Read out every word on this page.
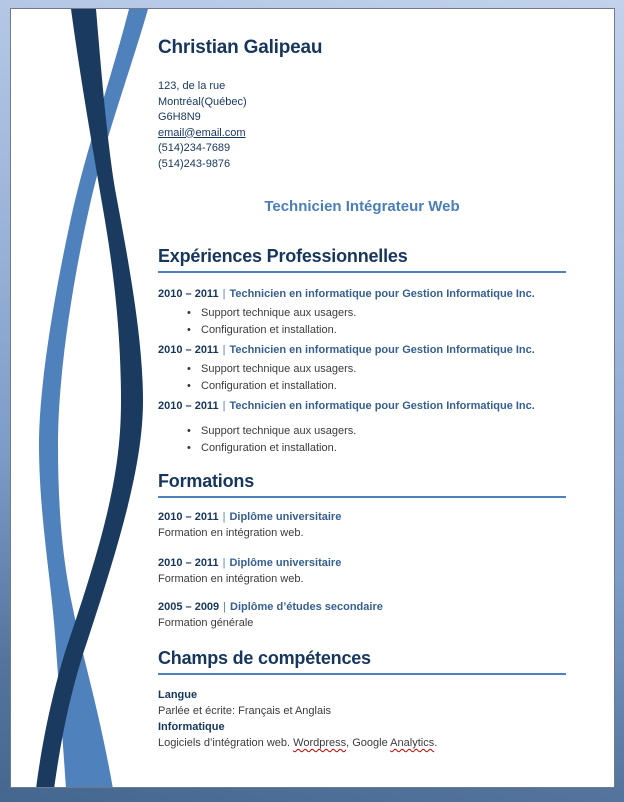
Christian Galipeau
123, de la rue
Montréal(Québec)
G6H8N9
email@email.com
(514)234-7689
(514)243-9876
Technicien Intégrateur Web
Expériences Professionnelles
2010 – 2011 | Technicien en informatique pour Gestion Informatique Inc.
• Support technique aux usagers.
• Configuration et installation.
2010 – 2011 | Technicien en informatique pour Gestion Informatique Inc.
• Support technique aux usagers.
• Configuration et installation.
2010 – 2011 | Technicien en informatique pour Gestion Informatique Inc.
• Support technique aux usagers.
• Configuration et installation.
Formations
2010 – 2011 | Diplôme universitaire
Formation en intégration web.
2010 – 2011 | Diplôme universitaire
Formation en intégration web.
2005 – 2009 | Diplôme d’études secondaire
Formation générale
Champs de compétences
Langue
Parlée et écrite: Français et Anglais
Informatique
Logiciels d’intégration web. Wordpress, Google Analytics.
